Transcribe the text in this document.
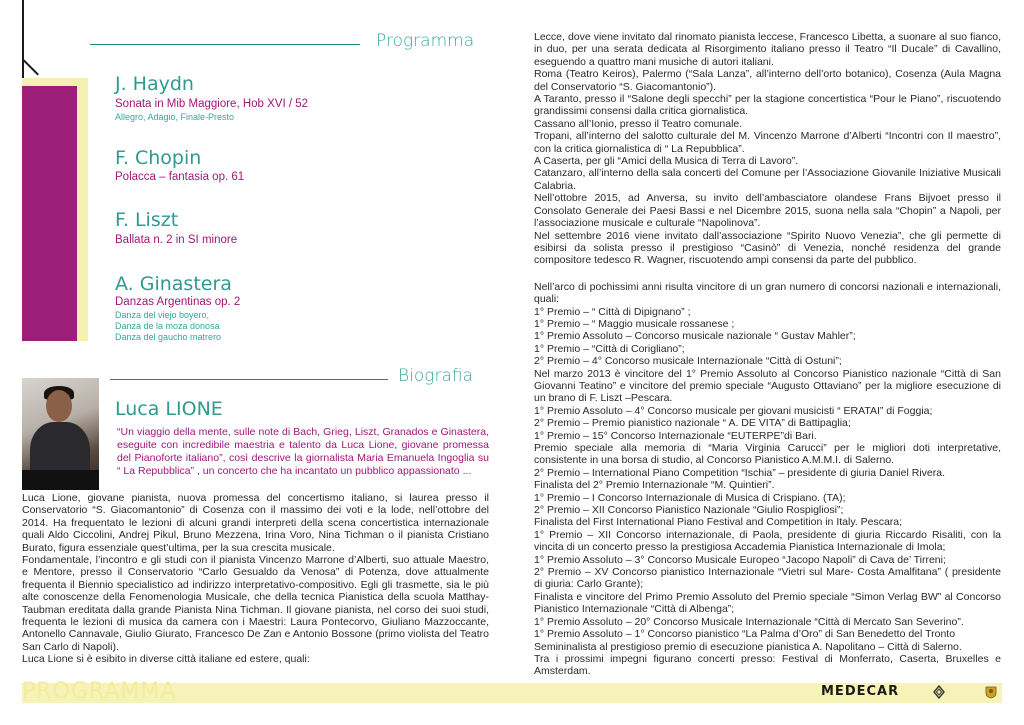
Programma
J. Haydn
Sonata in Mib Maggiore, Hob XVI / 52
Allegro, Adagio, Finale-Presto
F. Chopin
Polacca – fantasia op. 61
F. Liszt
Ballata n. 2 in SI minore
A. Ginastera
Danzas Argentinas op. 2
Danza del viejo boyero,
Danza de la moza donosa
Danza del gaucho matrero
Biografia
Luca LIONE
“Un viaggio della mente, sulle note di Bach, Grieg, Liszt, Granados e Ginastera, eseguite con incredibile maestria e talento da Luca Lione, giovane promessa del Pianoforte italiano”, così descrive la giornalista Maria Emanuela Ingoglia su “ La Repubblica” , un concerto che ha incantato un pubblico appassionato ...
Luca Lione, giovane pianista, nuova promessa del concertismo italiano, si laurea presso il Conservatorio “S. Giacomantonio” di Cosenza con il massimo dei voti e la lode, nell’ottobre del 2014. Ha frequentato le lezioni di alcuni grandi interpreti della scena concertistica internazionale quali Aldo Ciccolini, Andrej Pikul, Bruno Mezzena, Irina Voro, Nina Tichman o il pianista Cristiano Burato, figura essenziale quest’ultima, per la sua crescita musicale.
Fondamentale, l’incontro e gli studi con il pianista Vincenzo Marrone d’Alberti, suo attuale Maestro, e Mentore, presso il Conservatorio “Carlo Gesualdo da Venosa” di Potenza, dove attualmente frequenta il Biennio specialistico ad indirizzo interpretativo-compositivo. Egli gli trasmette, sia le più alte conoscenze della Fenomenologia Musicale, che della tecnica Pianistica della scuola Matthay-Taubman ereditata dalla grande Pianista Nina Tichman. Il giovane pianista, nel corso dei suoi studi, frequenta le lezioni di musica da camera con i Maestri: Laura Pontecorvo, Giuliano Mazzoccante, Antonello Cannavale, Giulio Giurato, Francesco De Zan e Antonio Bossone (primo violista del Teatro San Carlo di Napoli).
Luca Lione si è esibito in diverse città italiane ed estere, quali:

Lecce, dove viene invitato dal rinomato pianista leccese, Francesco Libetta, a suonare al suo fianco, in duo, per una serata dedicata al Risorgimento italiano presso il Teatro “Il Ducale” di Cavallino, eseguendo a quattro mani musiche di autori italiani.
Roma (Teatro Keiros), Palermo (“Sala Lanza”, all’interno dell’orto botanico), Cosenza (Aula Magna del Conservatorio “S. Giacomantonio”).
A Taranto, presso il “Salone degli specchi” per la stagione concertistica “Pour le Piano”, riscuotendo grandissimi consensi dalla critica giornalistica.
Cassano all’Ionio, presso il Teatro comunale.
Tropani, all’interno del salotto culturale del M. Vincenzo Marrone d’Alberti “Incontri con Il maestro”, con la critica giornalistica di “ La Repubblica”.
A Caserta, per gli “Amici della Musica di Terra di Lavoro”.
Catanzaro, all’interno della sala concerti del Comune per l’Associazione Giovanile Iniziative Musicali Calabria.
Nell’ottobre 2015, ad Anversa, su invito dell’ambasciatore olandese Frans Bijvoet presso il Consolato Generale dei Paesi Bassi e nel Dicembre 2015, suona nella sala “Chopin” a Napoli, per l’associazione musicale e culturale “Napolinova”.
Nel settembre 2016 viene invitato dall’associazione “Spirito Nuovo Venezia”, che gli permette di esibirsi da solista presso il prestigioso “Casinò” di Venezia, nonché residenza del grande compositore tedesco R. Wagner, riscuotendo ampi consensi da parte del pubblico.

Nell’arco di pochissimi anni risulta vincitore di un gran numero di concorsi nazionali e internazionali, quali:
1° Premio – “ Città di Dipignano” ;
1° Premio – “ Maggio musicale rossanese ;
1° Premio Assoluto – Concorso musicale nazionale “ Gustav Mahler”;
1° Premio – “Città di Corigliano”;
2° Premio – 4° Concorso musicale Internazionale “Città di Ostuni”;
Nel marzo 2013 è vincitore del 1° Premio Assoluto al Concorso Pianistico nazionale “Città di San Giovanni Teatino” e vincitore del premio speciale “Augusto Ottaviano” per la migliore esecuzione di un brano di F. Liszt –Pescara.
1° Premio Assoluto – 4° Concorso musicale per giovani musicisti “ ERATAI” di Foggia;
2° Premio – Premio pianistico nazionale “ A. DE VITA” di Battipaglia;
1° Premio – 15° Concorso Internazionale “EUTERPE”di Bari.
Premio speciale alla memoria di “Maria Virginia Carucci” per le migliori doti interpretative, consistente in una borsa di studio, al Concorso Pianistico A.M.M.I. di Salerno.
2° Premio – International Piano Competition “Ischia” – presidente di giuria Daniel Rivera.
Finalista del 2° Premio Internazionale “M. Quintieri”.
1° Premio – I Concorso Internazionale di Musica di Crispiano. (TA);
2° Premio – XII Concorso Pianistico Nazionale “Giulio Rospigliosi”;
Finalista del First International Piano Festival and Competition in Italy. Pescara;
1° Premio – XII Concorso internazionale, di Paola, presidente di giuria Riccardo Risaliti, con la vincita di un concerto presso la prestigiosa Accademia Pianistica Internazionale di Imola;
1° Premio Assoluto – 3° Concorso Musicale Europeo “Jacopo Napoli” di Cava de’ Tirreni;
2° Premio – XV Concorso pianistico Internazionale “Vietri sul Mare- Costa Amalfitana” ( presidente di giuria: Carlo Grante);
Finalista e vincitore del Primo Premio Assoluto del Premio speciale “Simon Verlag BW” al Concorso Pianistico Internazionale “Città di Albenga”;
1° Premio Assoluto – 20° Concorso Musicale Internazionale “Città di Mercato San Severino”.
1° Premio Assoluto – 1° Concorso pianistico “La Palma d’Oro” di San Benedetto del Tronto
Semininalista al prestigioso premio di esecuzione pianistica A. Napolitano – Città di Salerno.
Tra i prossimi impegni figurano concerti presso: Festival di Monferrato, Caserta, Bruxelles e Amsterdam.

PROGRAMMA	MEDECAR
